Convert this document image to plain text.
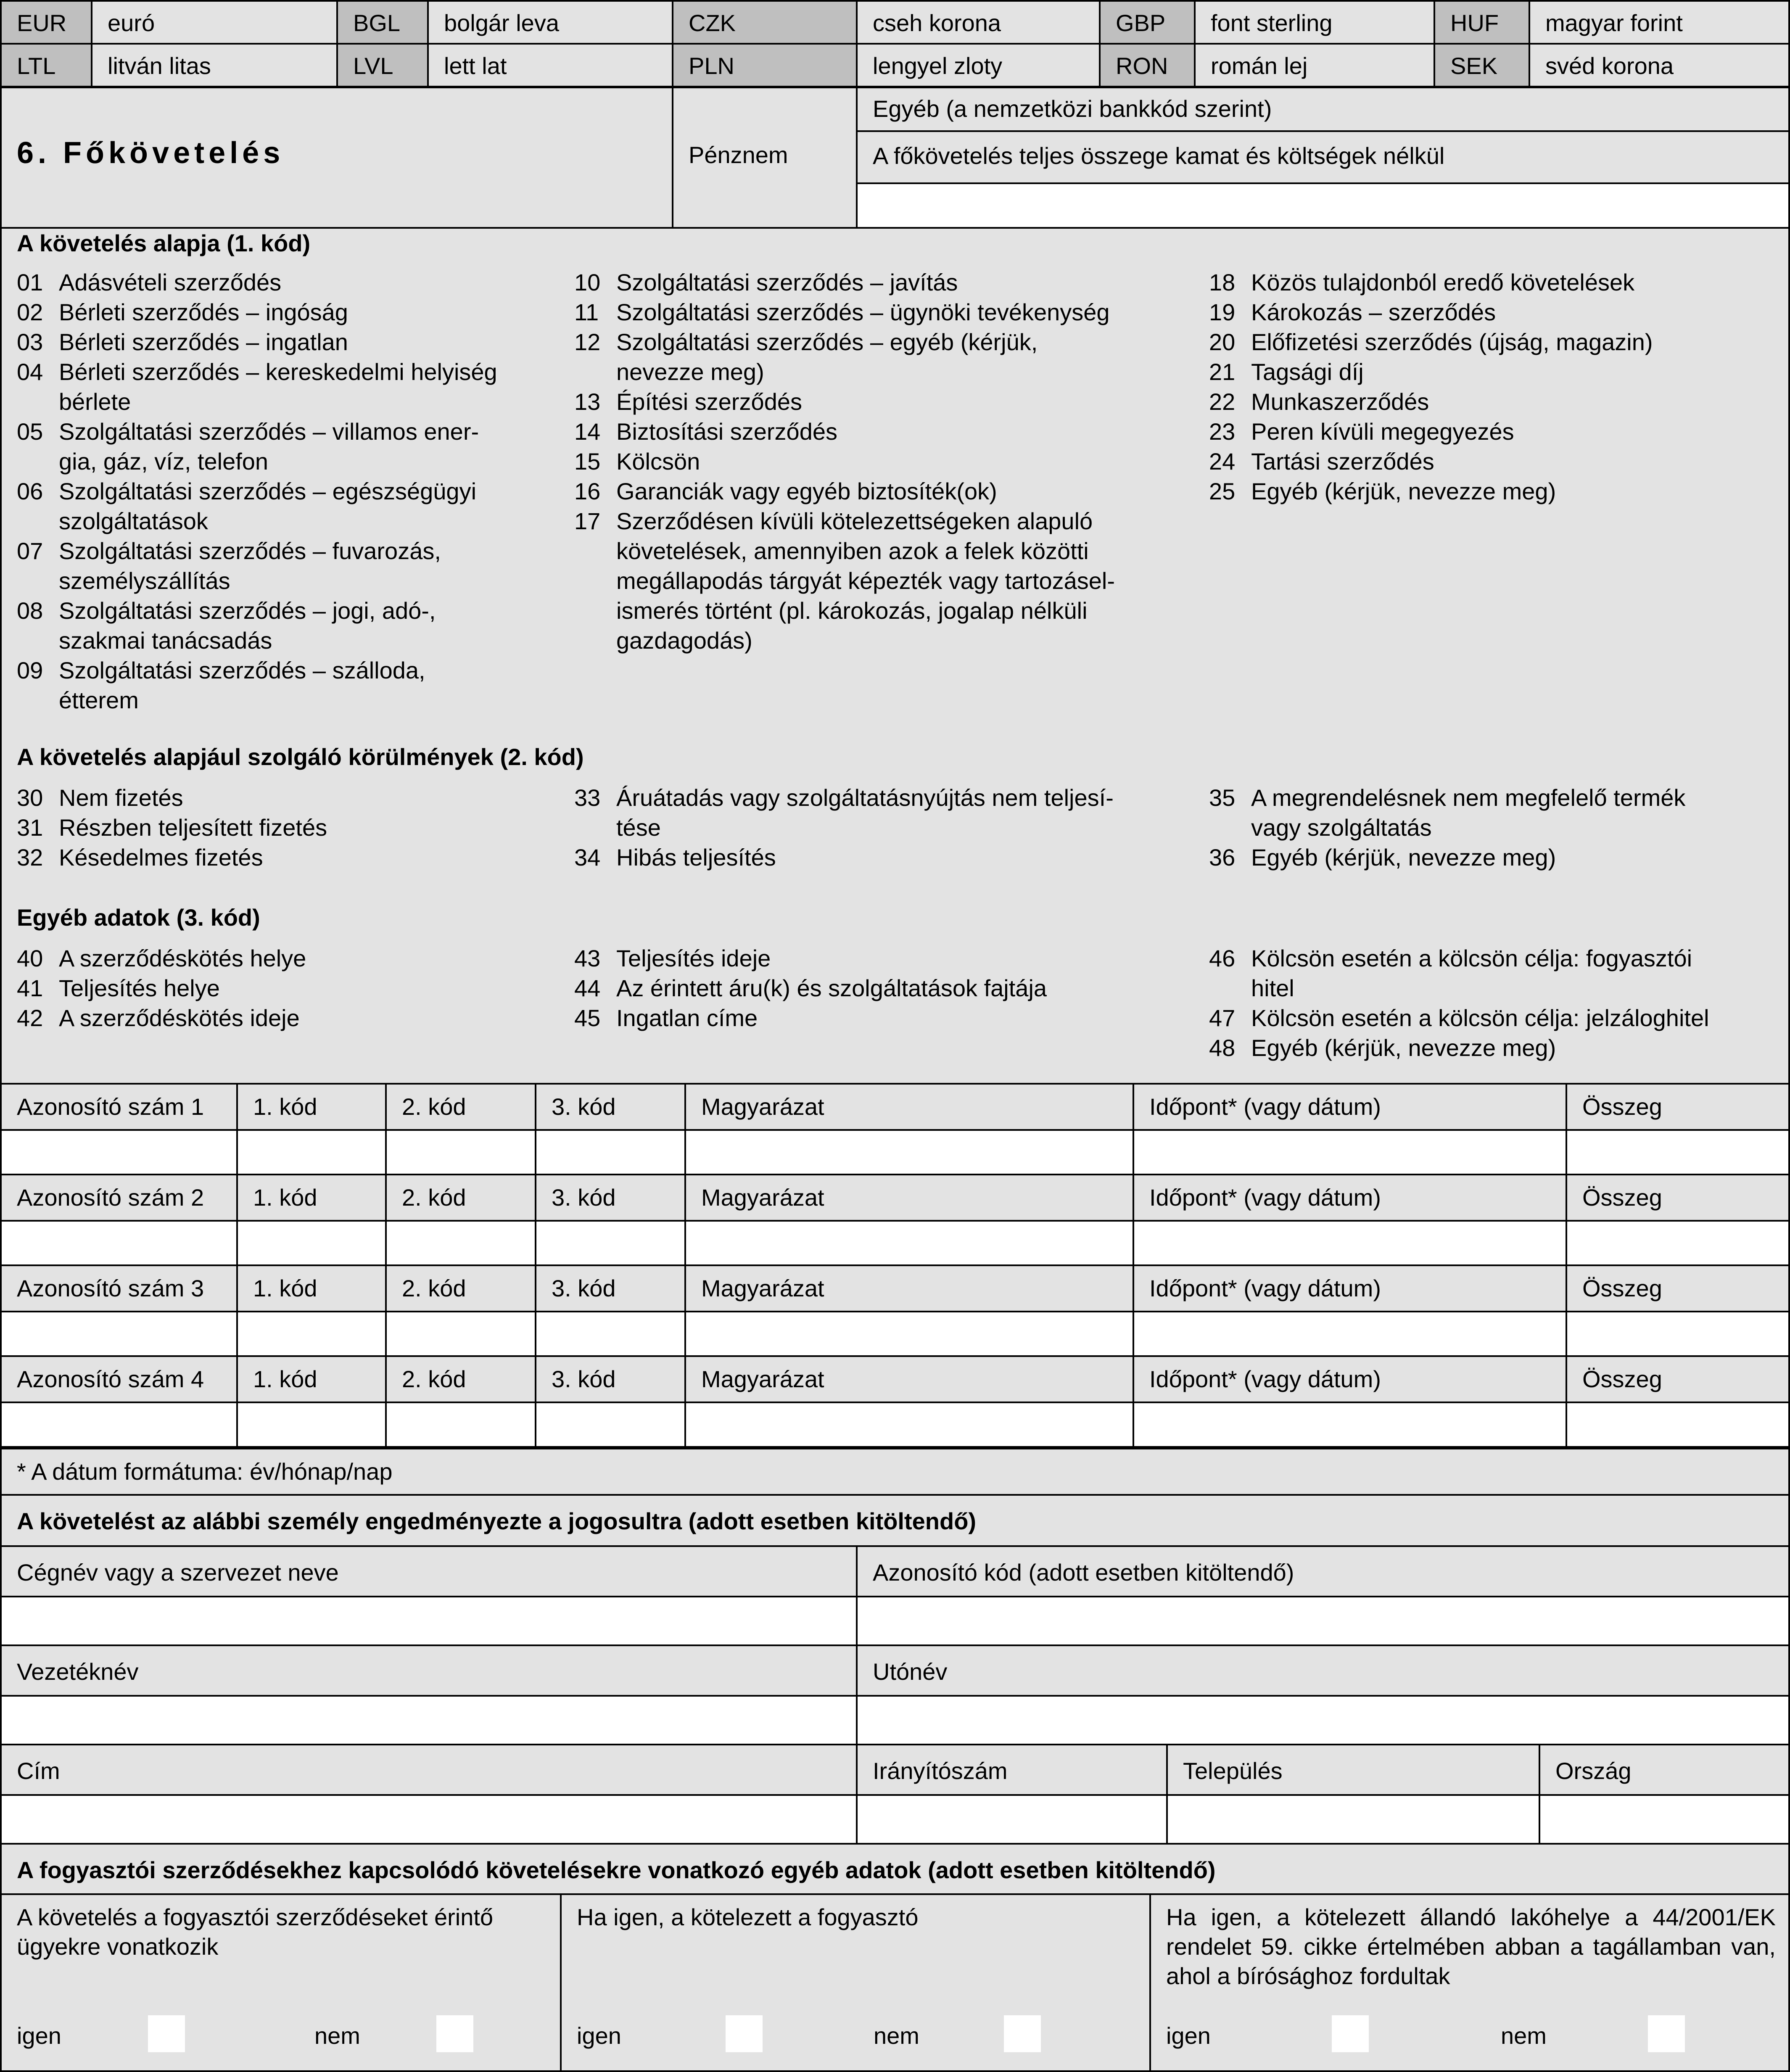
EUR euró	BGL bolgár leva	CZK	cseh korona	GBP font sterling	HUF magyar forint
LTL litván litas	LVL lett lat	PLN	lengyel zloty	RON román lej	SEK svéd korona
6. Főkövetelés	Pénznem
Egyéb (a nemzetközi bankkód szerint)
A főkövetelés teljes összege kamat és költségek nélkül
A követelés alapja (1. kód)
01 Adásvételi szerződés
02 Bérleti szerződés – ingóság
03 Bérleti szerződés – ingatlan
04 Bérleti szerződés – kereskedelmi helyiség
bérlete
05 Szolgáltatási szerződés – villamos ener-
gia, gáz, víz, telefon
06 Szolgáltatási szerződés – egészségügyi
szolgáltatások
07 Szolgáltatási szerződés – fuvarozás,
személyszállítás
08 Szolgáltatási szerződés – jogi, adó-,
szakmai tanácsadás
09 Szolgáltatási szerződés – szálloda,
étterem
10 Szolgáltatási szerződés – javítás
11 Szolgáltatási szerződés – ügynöki tevékenység
12 Szolgáltatási szerződés – egyéb (kérjük,
nevezze meg)
13 Építési szerződés
14 Biztosítási szerződés
15 Kölcsön
16 Garanciák vagy egyéb biztosíték(ok)
17 Szerződésen kívüli kötelezettségeken alapuló
követelések, amennyiben azok a felek közötti
megállapodás tárgyát képezték vagy tartozásel-
ismerés történt (pl. károkozás, jogalap nélküli
gazdagodás)
18 Közös tulajdonból eredő követelések
19 Károkozás – szerződés
20 Előfizetési szerződés (újság, magazin)
21 Tagsági díj
22 Munkaszerződés
23 Peren kívüli megegyezés
24 Tartási szerződés
25 Egyéb (kérjük, nevezze meg)
A követelés alapjául szolgáló körülmények (2. kód)
30 Nem fizetés
31 Részben teljesített fizetés
32 Késedelmes fizetés
33 Áruátadás vagy szolgáltatásnyújtás nem teljesí-
tése
34 Hibás teljesítés
35 A megrendelésnek nem megfelelő termék
vagy szolgáltatás
36 Egyéb (kérjük, nevezze meg)
Egyéb adatok (3. kód)
40 A szerződéskötés helye
41 Teljesítés helye
42 A szerződéskötés ideje
43 Teljesítés ideje
44 Az érintett áru(k) és szolgáltatások fajtája
45 Ingatlan címe
46 Kölcsön esetén a kölcsön célja: fogyasztói
hitel
47 Kölcsön esetén a kölcsön célja: jelzáloghitel
48 Egyéb (kérjük, nevezze meg)
Azonosító szám 1 1. kód	2. kód	3. kód	Magyarázat	Időpont* (vagy dátum)	Összeg
Azonosító szám 2 1. kód	2. kód	3. kód	Magyarázat	Időpont* (vagy dátum)	Összeg
Azonosító szám 3 1. kód	2. kód	3. kód	Magyarázat	Időpont* (vagy dátum)	Összeg
Azonosító szám 4 1. kód	2. kód	3. kód	Magyarázat	Időpont* (vagy dátum)	Összeg
* A dátum formátuma: év/hónap/nap
A követelést az alábbi személy engedményezte a jogosultra (adott esetben kitöltendő)
Cégnév vagy a szervezet neve	Azonosító kód (adott esetben kitöltendő)
Vezetéknév	Utónév
Cím	Irányítószám	Település	Ország
A fogyasztói szerződésekhez kapcsolódó követelésekre vonatkozó egyéb adatok (adott esetben kitöltendő)
A követelés a fogyasztói szerződéseket érintő ügyekre vonatkozik
igen	nem
Ha igen, a kötelezett a fogyasztó
igen	nem
Ha igen, a kötelezett állandó lakóhelye a 44/2001/EK rendelet 59. cikke értelmében abban a tagállamban van, ahol a bírósághoz fordultak
igen	nem
